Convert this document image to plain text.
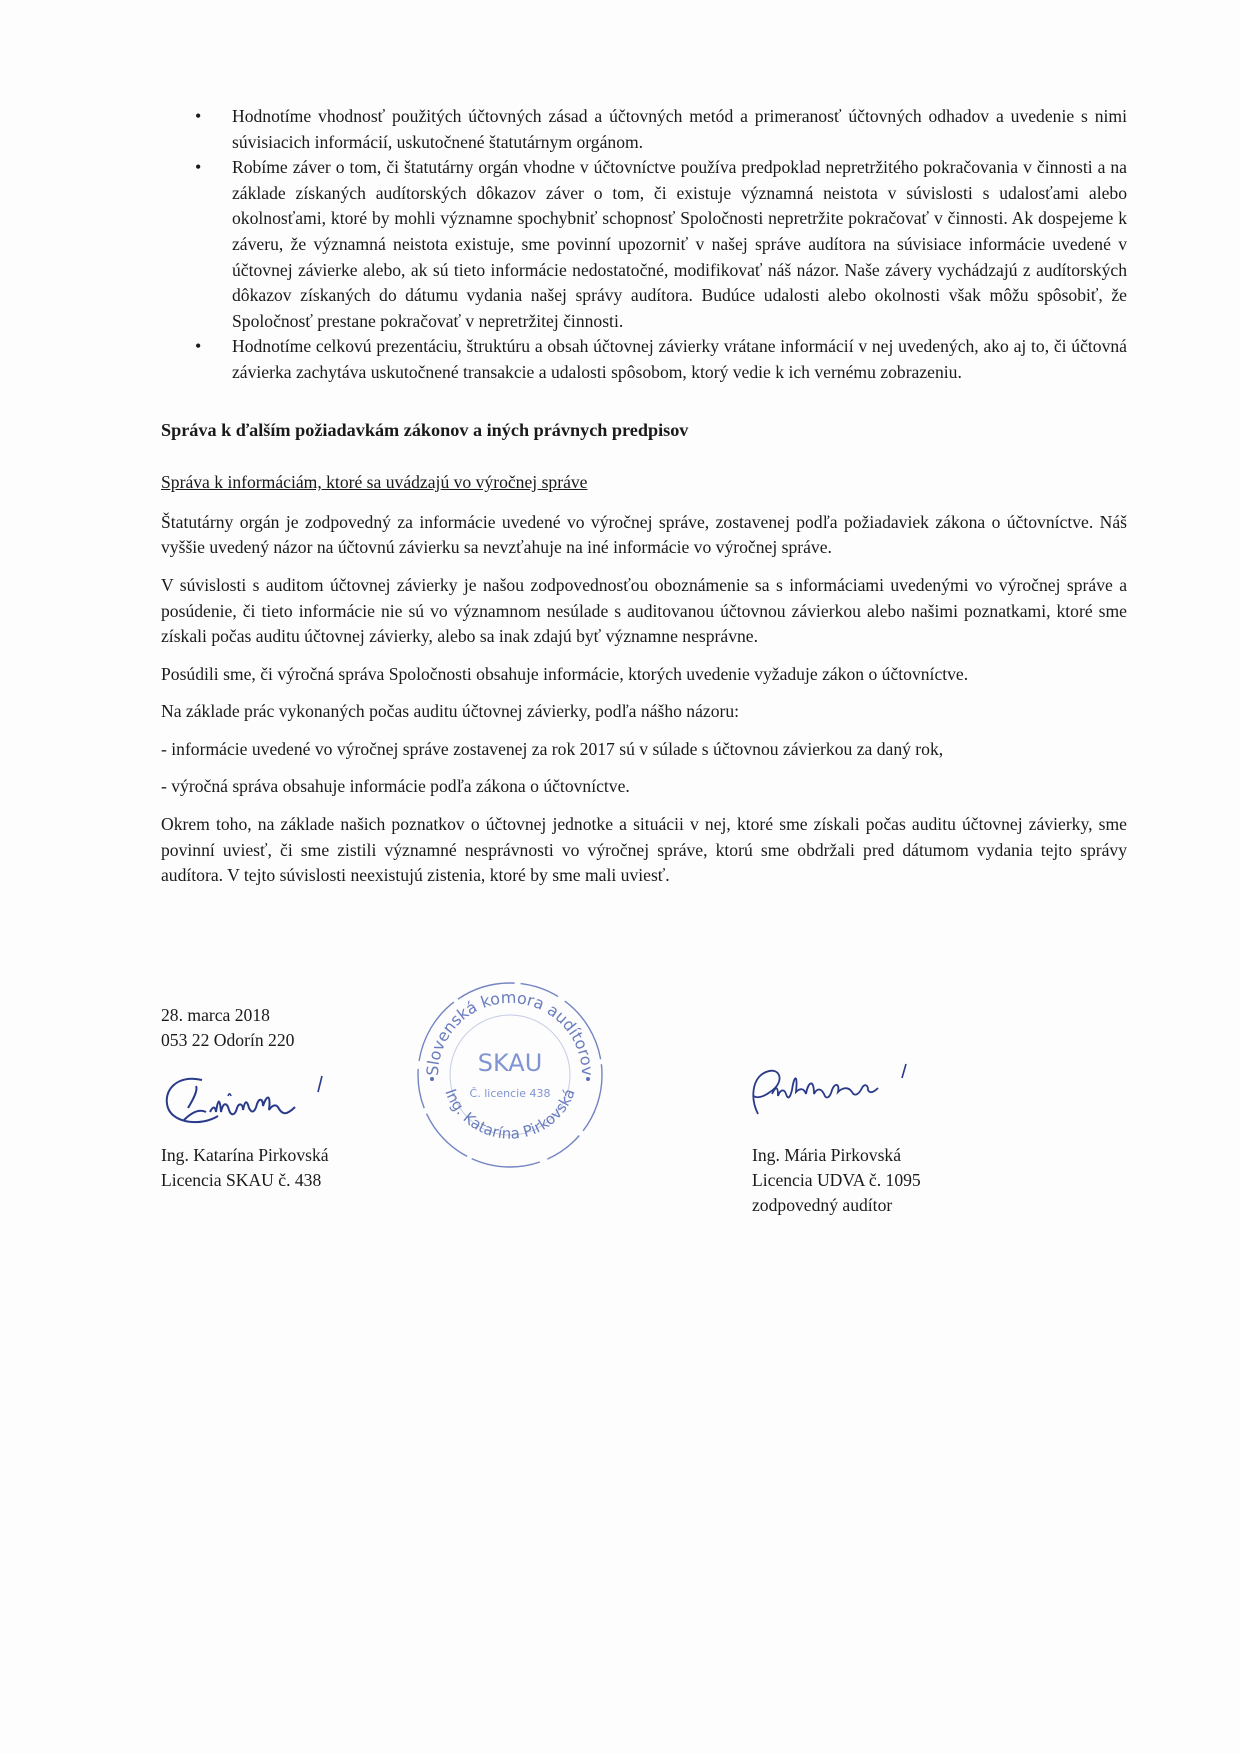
• Hodnotíme vhodnosť použitých účtovných zásad a účtovných metód a primeranosť účtovných odhadov a uvedenie s nimi súvisiacich informácií, uskutočnené štatutárnym orgánom.
• Robíme záver o tom, či štatutárny orgán vhodne v účtovníctve používa predpoklad nepretržitého pokračovania v činnosti a na základe získaných audítorských dôkazov záver o tom, či existuje významná neistota v súvislosti s udalosťami alebo okolnosťami, ktoré by mohli významne spochybniť schopnosť Spoločnosti nepretržite pokračovať v činnosti. Ak dospejeme k záveru, že významná neistota existuje, sme povinní upozorniť v našej správe audítora na súvisiace informácie uvedené v účtovnej závierke alebo, ak sú tieto informácie nedostatočné, modifikovať náš názor. Naše závery vychádzajú z audítorských dôkazov získaných do dátumu vydania našej správy audítora. Budúce udalosti alebo okolnosti však môžu spôsobiť, že Spoločnosť prestane pokračovať v nepretržitej činnosti.
• Hodnotíme celkovú prezentáciu, štruktúru a obsah účtovnej závierky vrátane informácií v nej uvedených, ako aj to, či účtovná závierka zachytáva uskutočnené transakcie a udalosti spôsobom, ktorý vedie k ich vernému zobrazeniu.
Správa k ďalším požiadavkám zákonov a iných právnych predpisov
Správa k informáciám, ktoré sa uvádzajú vo výročnej správe
Štatutárny orgán je zodpovedný za informácie uvedené vo výročnej správe, zostavenej podľa požiadaviek zákona o účtovníctve. Náš vyššie uvedený názor na účtovnú závierku sa nevzťahuje na iné informácie vo výročnej správe.
V súvislosti s auditom účtovnej závierky je našou zodpovednosťou oboznámenie sa s informáciami uvedenými vo výročnej správe a posúdenie, či tieto informácie nie sú vo významnom nesúlade s auditovanou účtovnou závierkou alebo našimi poznatkami, ktoré sme získali počas auditu účtovnej závierky, alebo sa inak zdajú byť významne nesprávne.
Posúdili sme, či výročná správa Spoločnosti obsahuje informácie, ktorých uvedenie vyžaduje zákon o účtovníctve.
Na základe prác vykonaných počas auditu účtovnej závierky, podľa nášho názoru:
- informácie uvedené vo výročnej správe zostavenej za rok 2017 sú v súlade s účtovnou závierkou za daný rok,
- výročná správa obsahuje informácie podľa zákona o účtovníctve.
Okrem toho, na základe našich poznatkov o účtovnej jednotke a situácii v nej, ktoré sme získali počas auditu účtovnej závierky, sme povinní uviesť, či sme zistili významné nesprávnosti vo výročnej správe, ktorú sme obdržali pred dátumom vydania tejto správy audítora. V tejto súvislosti neexistujú zistenia, ktoré by sme mali uviesť.
28. marca 2018
053 22 Odorín 220
Ing. Katarína Pirkovská
Licencia SKAU č. 438
Slovenská komora audítorov
Ing. Katarína Pirkovská
SKAU
Č. licencie 438
Ing. Mária Pirkovská
Licencia UDVA č. 1095
zodpovedný audítor
